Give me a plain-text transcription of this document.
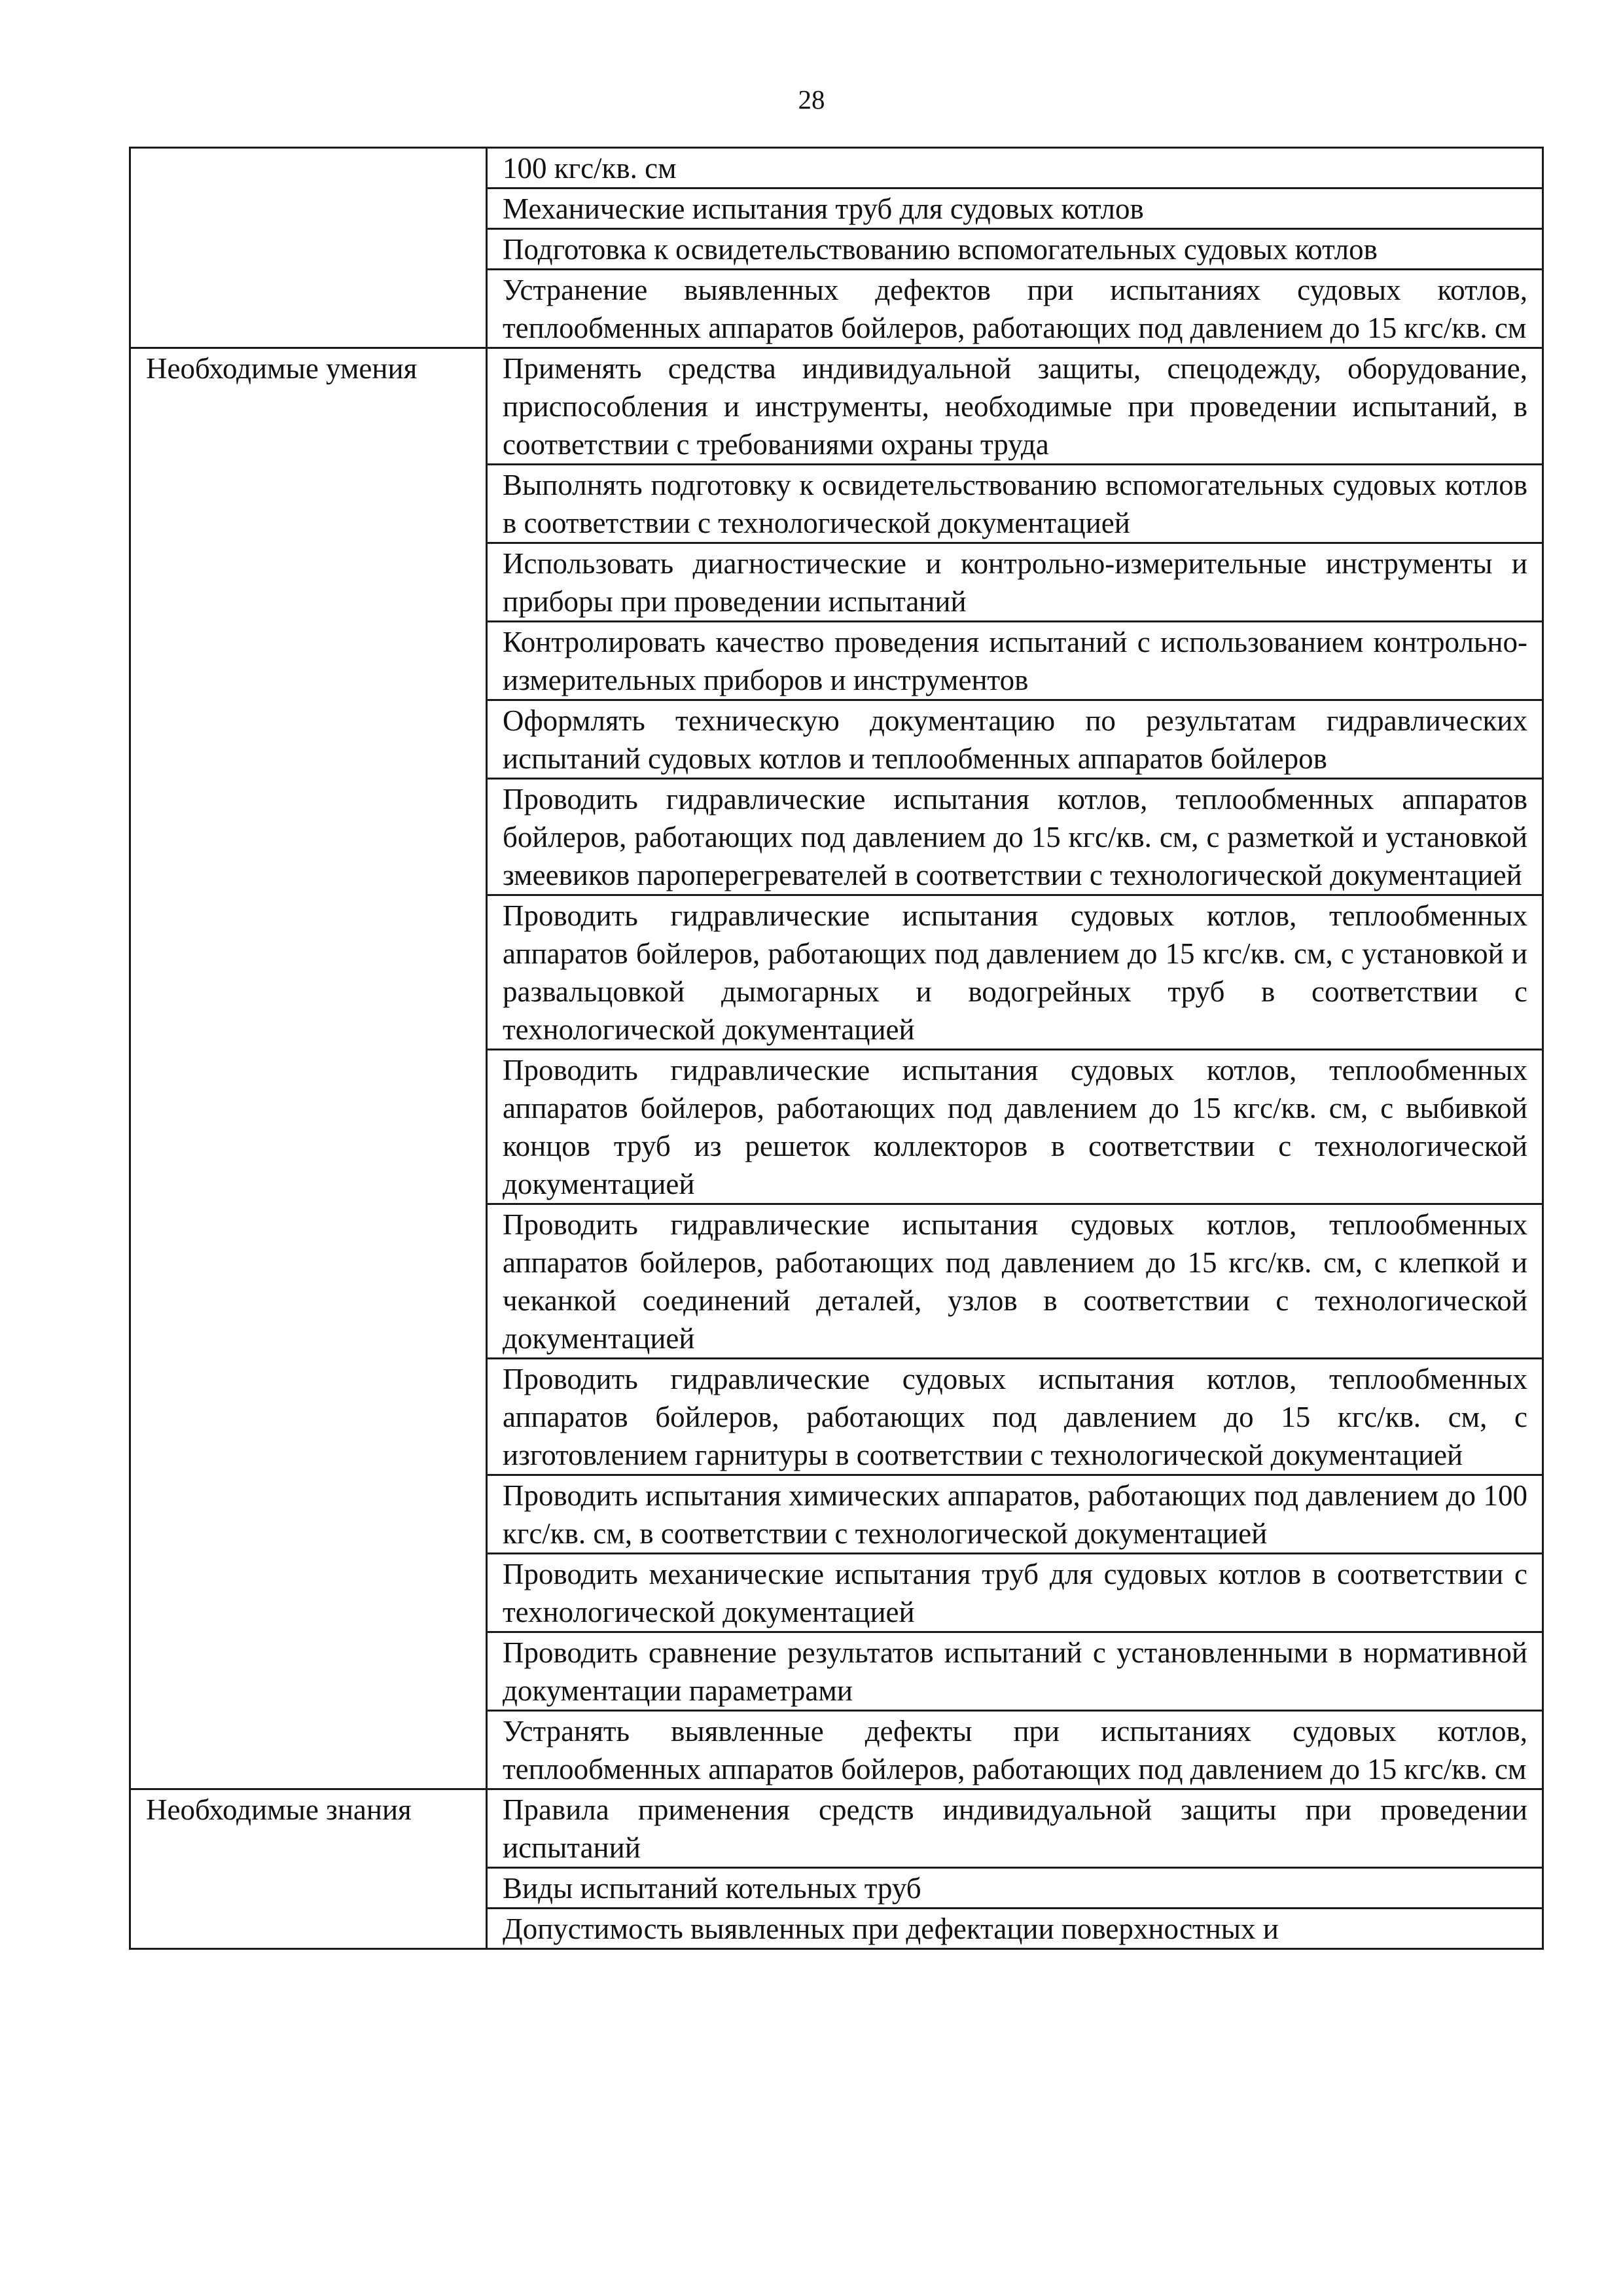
28
	100 кгс/кв. см
	Механические испытания труб для судовых котлов
	Подготовка к освидетельствованию вспомогательных судовых котлов
	Устранение выявленных дефектов при испытаниях судовых котлов, теплообменных аппаратов бойлеров, работающих под давлением до 15 кгс/кв. см
Необходимые умения	Применять средства индивидуальной защиты, спецодежду, оборудование, приспособления и инструменты, необходимые при проведении испытаний, в соответствии с требованиями охраны труда
	Выполнять подготовку к освидетельствованию вспомогательных судовых котлов в соответствии с технологической документацией
	Использовать диагностические и контрольно-измерительные инструменты и приборы при проведении испытаний
	Контролировать качество проведения испытаний с использованием контрольно-измерительных приборов и инструментов
	Оформлять техническую документацию по результатам гидравлических испытаний судовых котлов и теплообменных аппаратов бойлеров
	Проводить гидравлические испытания котлов, теплообменных аппаратов бойлеров, работающих под давлением до 15 кгс/кв. см, с разметкой и установкой змеевиков пароперегревателей в соответствии с технологической документацией
	Проводить гидравлические испытания судовых котлов, теплообменных аппаратов бойлеров, работающих под давлением до 15 кгс/кв. см, с установкой и развальцовкой дымогарных и водогрейных труб в соответствии с технологической документацией
	Проводить гидравлические испытания судовых котлов, теплообменных аппаратов бойлеров, работающих под давлением до 15 кгс/кв. см, с выбивкой концов труб из решеток коллекторов в соответствии с технологической документацией
	Проводить гидравлические испытания судовых котлов, теплообменных аппаратов бойлеров, работающих под давлением до 15 кгс/кв. см, с клепкой и чеканкой соединений деталей, узлов в соответствии с технологической документацией
	Проводить гидравлические судовых испытания котлов, теплообменных аппаратов бойлеров, работающих под давлением до 15 кгс/кв. см, с изготовлением гарнитуры в соответствии с технологической документацией
	Проводить испытания химических аппаратов, работающих под давлением до 100 кгс/кв. см, в соответствии с технологической документацией
	Проводить механические испытания труб для судовых котлов в соответствии с технологической документацией
	Проводить сравнение результатов испытаний с установленными в нормативной документации параметрами
	Устранять выявленные дефекты при испытаниях судовых котлов, теплообменных аппаратов бойлеров, работающих под давлением до 15 кгс/кв. см
Необходимые знания	Правила применения средств индивидуальной защиты при проведении испытаний
	Виды испытаний котельных труб
	Допустимость выявленных при дефектации поверхностных и
